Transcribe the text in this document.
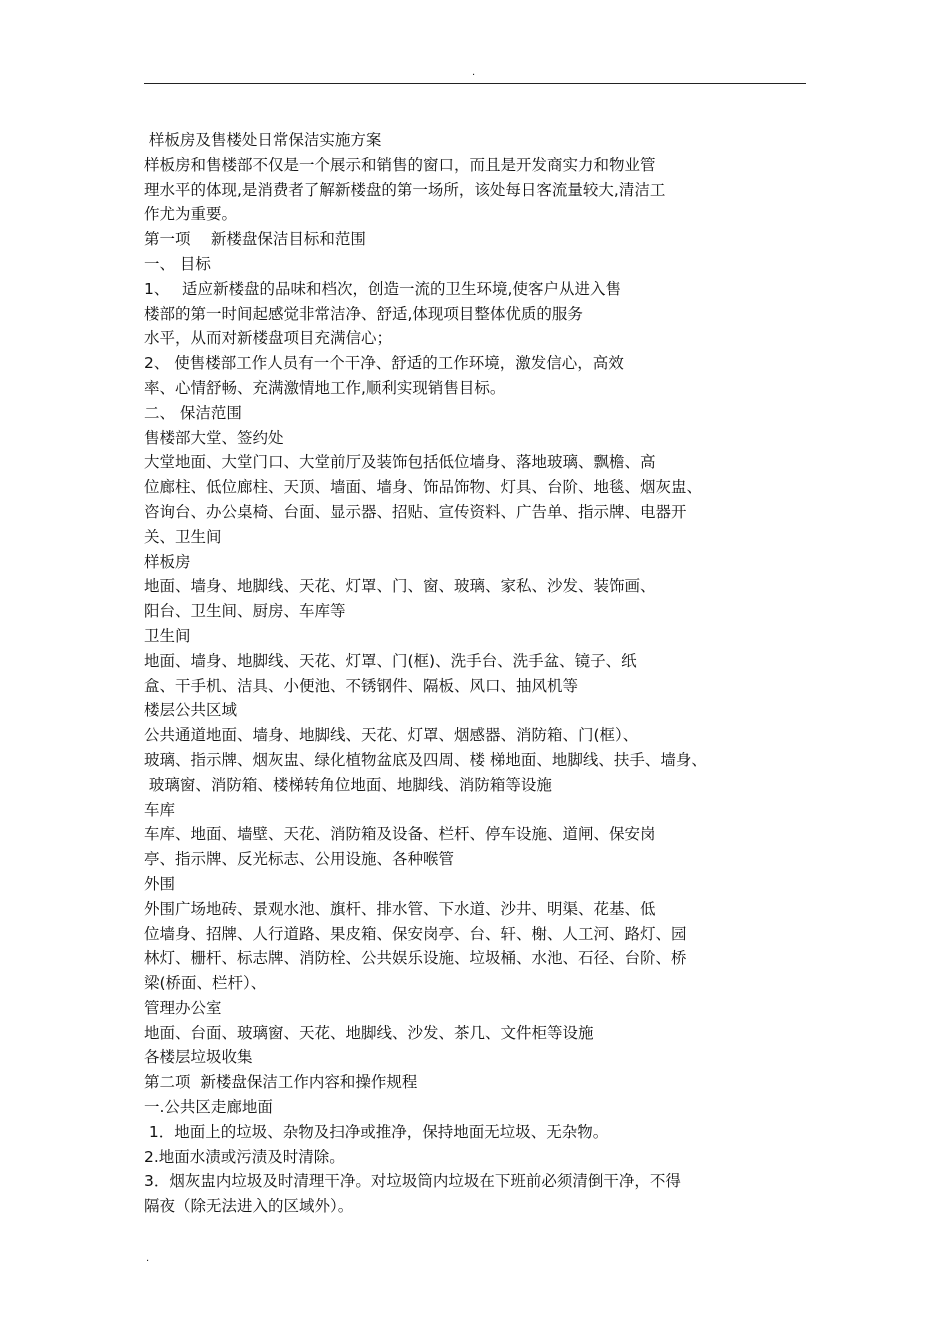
.
样板房及售楼处日常保洁实施方案
样板房和售楼部不仅是一个展示和销售的窗口，而且是开发商实力和物业管
理水平的体现,是消费者了解新楼盘的第一场所，该处每日客流量较大,清洁工
作尤为重要。
第一项　 新楼盘保洁目标和范围
一、 目标
1、　 适应新楼盘的品味和档次，创造一流的卫生环境,使客户从进入售
楼部的第一时间起感觉非常洁净、舒适,体现项目整体优质的服务
水平，从而对新楼盘项目充满信心；
2、 使售楼部工作人员有一个干净、舒适的工作环境，激发信心，高效
率、心情舒畅、充满激情地工作,顺利实现销售目标。
二、 保洁范围
售楼部大堂、签约处
大堂地面、大堂门口、大堂前厅及装饰包括低位墙身、落地玻璃、飘檐、高
位廊柱、低位廊柱、天顶、墙面、墙身、饰品饰物、灯具、台阶、地毯、烟灰盅、
咨询台、办公桌椅、台面、显示器、招贴、宣传资料、广告单、指示牌、电器开
关、卫生间
样板房
地面、墙身、地脚线、天花、灯罩、门、窗、玻璃、家私、沙发、装饰画、
阳台、卫生间、厨房、车库等
卫生间
地面、墙身、地脚线、天花、灯罩、门(框)、洗手台、洗手盆、镜子、纸
盒、干手机、洁具、小便池、不锈钢件、隔板、风口、抽风机等
楼层公共区域
公共通道地面、墙身、地脚线、天花、灯罩、烟感器、消防箱、门(框）、
玻璃、指示牌、烟灰盅、绿化植物盆底及四周、楼 梯地面、地脚线、扶手、墙身、
玻璃窗、消防箱、楼梯转角位地面、地脚线、消防箱等设施
车库
车库、地面、墙壁、天花、消防箱及设备、栏杆、停车设施、道闸、保安岗
亭、指示牌、反光标志、公用设施、各种喉管
外围
外围广场地砖、景观水池、旗杆、排水管、下水道、沙井、明渠、花基、低
位墙身、招牌、人行道路、果皮箱、保安岗亭、台、轩、榭、人工河、路灯、园
林灯、栅杆、标志牌、消防栓、公共娱乐设施、垃圾桶、水池、石径、台阶、桥
梁(桥面、栏杆）、
管理办公室
地面、台面、玻璃窗、天花、地脚线、沙发、茶几、文件柜等设施
各楼层垃圾收集
第二项  新楼盘保洁工作内容和操作规程
一.公共区走廊地面
1．地面上的垃圾、杂物及扫净或推净，保持地面无垃圾、无杂物。
2.地面水渍或污渍及时清除。
3．烟灰盅内垃圾及时清理干净。对垃圾筒内垃圾在下班前必须清倒干净，不得
隔夜（除无法进入的区域外）。
.
